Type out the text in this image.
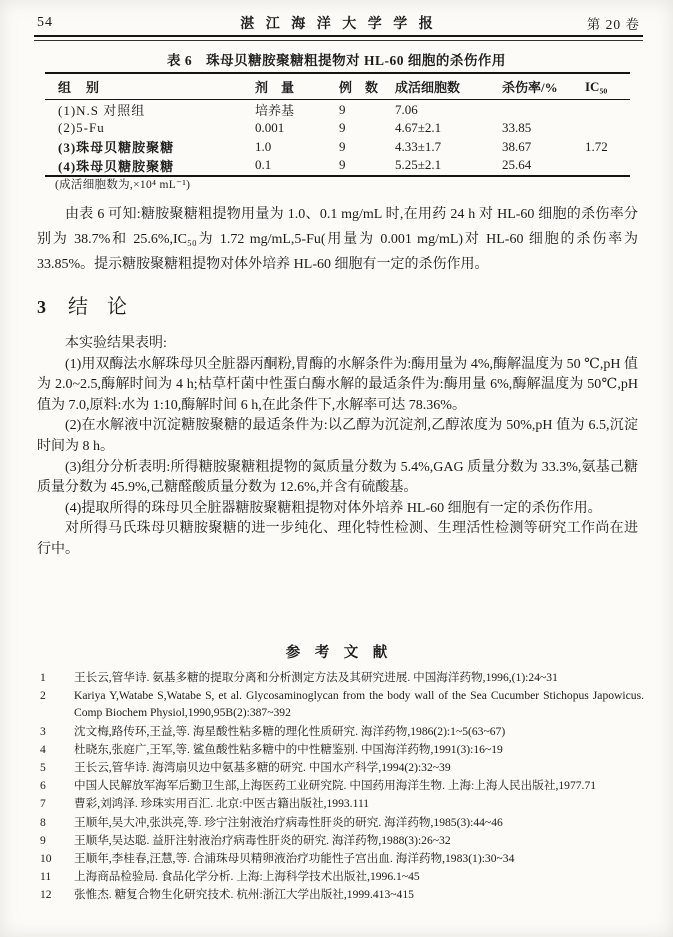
54	湛 江 海 洋 大 学 学 报	第 20 卷
表 6　珠母贝糖胺聚糖粗提物对 HL-60 细胞的杀伤作用
组　别	剂　量	例　数	成活细胞数	杀伤率/%	IC₅₀
(1)N.S 对照组	培养基	9	7.06
(2)5-Fu	0.001	9	4.67±2.1	33.85
(3)珠母贝糖胺聚糖	1.0	9	4.33±1.7	38.67	1.72
(4)珠母贝糖胺聚糖	0.1	9	5.25±2.1	25.64
(成活细胞数为,×10⁴ mL⁻¹)
由表 6 可知:糖胺聚糖粗提物用量为 1.0、0.1 mg/mL 时,在用药 24 h 对 HL-60 细胞的杀伤率分别为 38.7%和 25.6%,IC₅₀为 1.72 mg/mL,5-Fu(用量为 0.001 mg/mL)对 HL-60 细胞的杀伤率为 33.85%。提示糖胺聚糖粗提物对体外培养 HL-60 细胞有一定的杀伤作用。
3 结 论

本实验结果表明:

(1)用双酶法水解珠母贝全脏器丙酮粉,胃酶的水解条件为:酶用量为 4%,酶解温度为 50 ℃,pH 值为 2.0~2.5,酶解时间为 4 h;枯草杆菌中性蛋白酶水解的最适条件为:酶用量 6%,酶解温度为 50℃,pH 值为 7.0,原料:水为 1:10,酶解时间 6 h,在此条件下,水解率可达 78.36%。

(2)在水解液中沉淀糖胺聚糖的最适条件为:以乙醇为沉淀剂,乙醇浓度为 50%,pH 值为 6.5,沉淀时间为 8 h。

(3)组分分析表明:所得糖胺聚糖粗提物的氮质量分数为 5.4%,GAG 质量分数为 33.3%,氨基己糖质量分数为 45.9%,己糖醛酸质量分数为 12.6%,并含有硫酸基。

(4)提取所得的珠母贝全脏器糖胺聚糖粗提物对体外培养 HL-60 细胞有一定的杀伤作用。

对所得马氏珠母贝糖胺聚糖的进一步纯化、理化特性检测、生理活性检测等研究工作尚在进行中。

参　考　文　献
1	王长云,管华诗. 氨基多糖的提取分离和分析测定方法及其研究进展. 中国海洋药物,1996,(1):24~31
2	Kariya Y,Watabe S,Watabe S, et al. Glycosaminoglycan from the body wall of the Sea Cucumber Stichopus Japowicus. Comp Biochem Physiol,1990,95B(2):387~392
3	沈文梅,路传环,王益,等. 海星酸性粘多糖的理化性质研究. 海洋药物,1986(2):1~5(63~67)
4	杜晓东,张庭广,王军,等. 鲨鱼酸性粘多糖中的中性糖鉴别. 中国海洋药物,1991(3):16~19
5	王长云,管华诗. 海湾扇贝边中氨基多糖的研究. 中国水产科学,1994(2):32~39
6	中国人民解放军海军后勤卫生部,上海医药工业研究院. 中国药用海洋生物. 上海:上海人民出版社,1977.71
7	曹彩,刘鸿泽. 珍珠实用百汇. 北京:中医古籍出版社,1993.111
8	王顺年,吴大冲,张洪亮,等. 珍宁注射液治疗病毒性肝炎的研究. 海洋药物,1985(3):44~46
9	王顺华,吴达聪. 益肝注射液治疗病毒性肝炎的研究. 海洋药物,1988(3):26~32
10	王顺年,李桂春,汪慧,等. 合浦珠母贝精卵液治疗功能性子宫出血. 海洋药物,1983(1):30~34
11	上海商品检验局. 食品化学分析. 上海:上海科学技术出版社,1996.1~45
12	张惟杰. 糖复合物生化研究技术. 杭州:浙江大学出版社,1999.413~415
